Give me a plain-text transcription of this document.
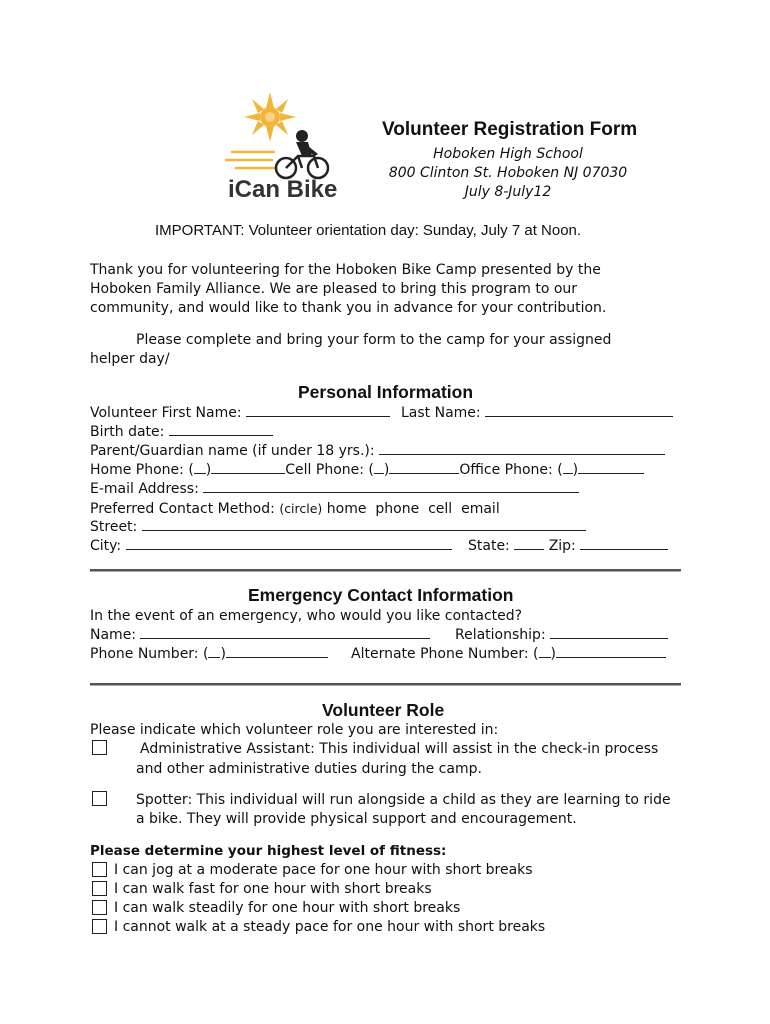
iCan Bike
Volunteer Registration Form
Hoboken High School
800 Clinton St. Hoboken NJ 07030
July 8-July12
IMPORTANT: Volunteer orientation day: Sunday, July 7 at Noon.
Thank you for volunteering for the Hoboken Bike Camp presented by the
Hoboken Family Alliance. We are pleased to bring this program to our
community, and would like to thank you in advance for your contribution.
Please complete and bring your form to the camp for your assigned
helper day/
Personal Information
Volunteer First Name:	Last Name:
Birth date:
Parent/Guardian name (if under 18 yrs.):
Home Phone: ( )	Cell Phone: ( )	Office Phone: ( )
E-mail Address:
Preferred Contact Method: (circle) home phone cell email
Street:
City:	State:	Zip:
Emergency Contact Information
In the event of an emergency, who would you like contacted?
Name:	Relationship:
Phone Number: ( )	Alternate Phone Number: ( )
Volunteer Role
Please indicate which volunteer role you are interested in:
Administrative Assistant: This individual will assist in the check-in process
and other administrative duties during the camp.
Spotter: This individual will run alongside a child as they are learning to ride
a bike. They will provide physical support and encouragement.
Please determine your highest level of fitness:
I can jog at a moderate pace for one hour with short breaks
I can walk fast for one hour with short breaks
I can walk steadily for one hour with short breaks
I cannot walk at a steady pace for one hour with short breaks
